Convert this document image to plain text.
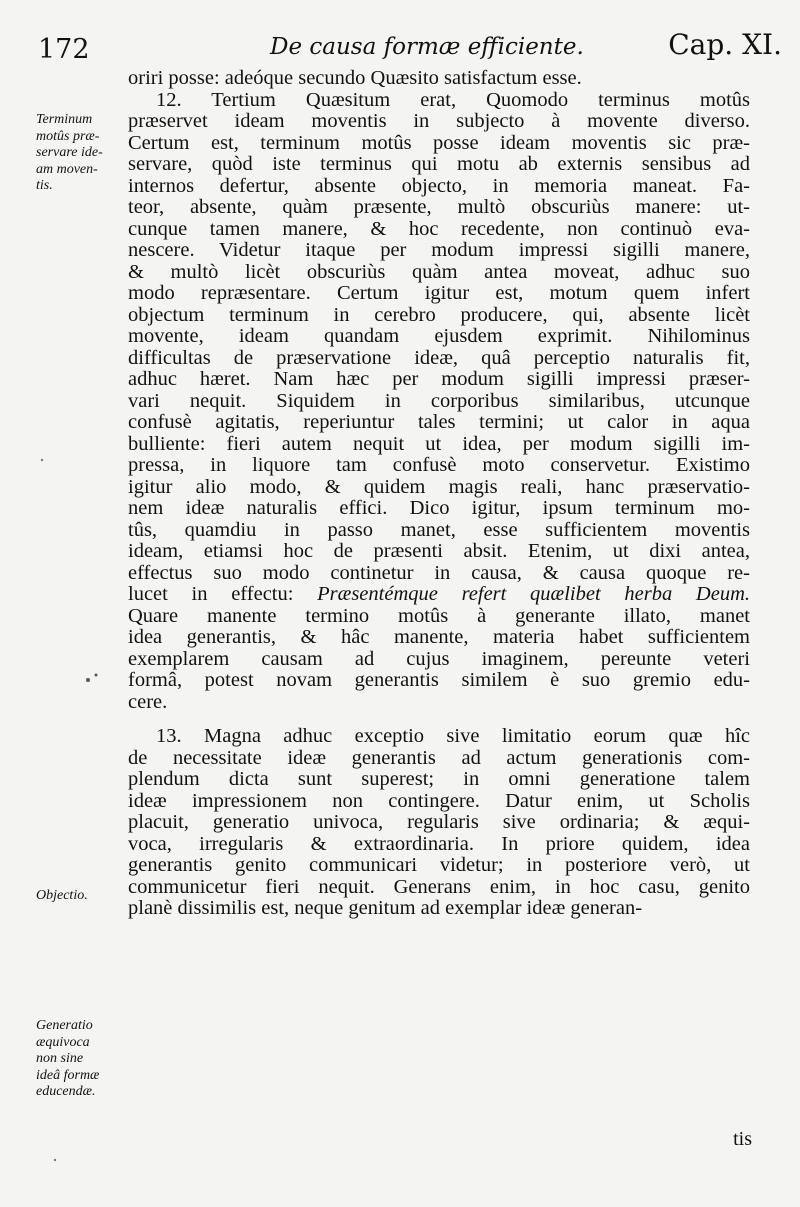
172	De causa formæ efficiente.	Cap. XI.
Terminum
motûs præ-
servare ide-
am moven-
tis.
Objectio.
Generatio
æquivoca
non sine
ideâ formæ
educendæ.
oriri posse: adeóque secundo Quæsito satisfactum esse.
12. Tertium Quæsitum erat, Quomodo terminus motûs
præservet ideam moventis in subjecto à movente diverso.
Certum est, terminum motûs posse ideam moventis sic præ-
servare, quòd iste terminus qui motu ab externis sensibus ad
internos defertur, absente objecto, in memoria maneat. Fa-
teor, absente, quàm præsente, multò obscuriùs manere: ut-
cunque tamen manere, & hoc recedente, non continuò eva-
nescere. Videtur itaque per modum impressi sigilli manere,
& multò licèt obscuriùs quàm antea moveat, adhuc suo
modo repræsentare. Certum igitur est, motum quem infert
objectum terminum in cerebro producere, qui, absente licèt
movente, ideam quandam ejusdem exprimit. Nihilominus
difficultas de præservatione ideæ, quâ perceptio naturalis fit,
adhuc hæret. Nam hæc per modum sigilli impressi præser-
vari nequit. Siquidem in corporibus similaribus, utcunque
confusè agitatis, reperiuntur tales termini; ut calor in aqua
bulliente: fieri autem nequit ut idea, per modum sigilli im-
pressa, in liquore tam confusè moto conservetur. Existimo
igitur alio modo, & quidem magis reali, hanc præservatio-
nem ideæ naturalis effici. Dico igitur, ipsum terminum mo-
tûs, quamdiu in passo manet, esse sufficientem moventis
ideam, etiamsi hoc de præsenti absit. Etenim, ut dixi antea,
effectus suo modo continetur in causa, & causa quoque re-
lucet in effectu: Præsentémque refert quælibet herba Deum.
Quare manente termino motûs à generante illato, manet
idea generantis, & hâc manente, materia habet sufficientem
exemplarem causam ad cujus imaginem, pereunte veteri
formâ, potest novam generantis similem è suo gremio edu-
cere.
13. Magna adhuc exceptio sive limitatio eorum quæ hîc
de necessitate ideæ generantis ad actum generationis com-
plendum dicta sunt superest; in omni generatione talem
ideæ impressionem non contingere. Datur enim, ut Scholis
placuit, generatio univoca, regularis sive ordinaria; & æqui-
voca, irregularis & extraordinaria. In priore quidem, idea
generantis genito communicari videtur; in posteriore verò, ut
communicetur fieri nequit. Generans enim, in hoc casu, genito
planè dissimilis est, neque genitum ad exemplar ideæ generan-
tis
